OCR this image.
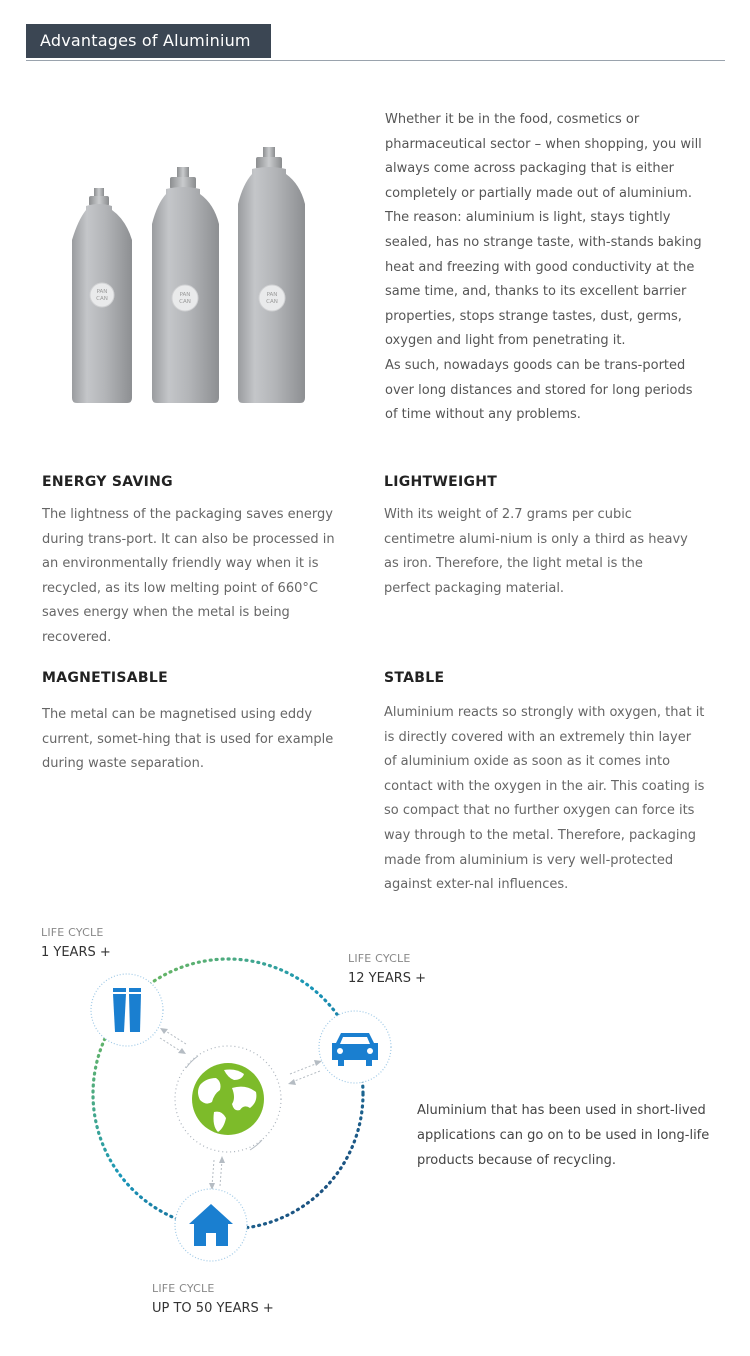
Advantages of Aluminium
PAN
CAN
PAN
CAN
PAN
CAN

Whether it be in the food, cosmetics or pharmaceutical sector – when shopping, you will always come across packaging that is either completely or partially made out of aluminium.

The reason: aluminium is light, stays tightly sealed, has no strange taste, with-stands baking heat and freezing with good conductivity at the same time, and, thanks to its excellent barrier properties, stops strange tastes, dust, germs, oxygen and light from penetrating it.

As such, nowadays goods can be trans-ported over long distances and stored for long periods of time without any problems.

ENERGY SAVING
The lightness of the packaging saves energy during trans-port. It can also be processed in an environmentally friendly way when it is recycled, as its low melting point of 660°C saves energy when the metal is being recovered.
LIGHTWEIGHT
With its weight of 2.7 grams per cubic centimetre alumi-nium is only a third as heavy as iron. Therefore, the light metal is the perfect packaging material.
MAGNETISABLE
The metal can be magnetised using eddy current, somet-hing that is used for example during waste separation.
STABLE
Aluminium reacts so strongly with oxygen, that it is directly covered with an extremely thin layer of aluminium oxide as soon as it comes into contact with the oxygen in the air. This coating is so compact that no further oxygen can force its way through to the metal. Therefore, packaging made from aluminium is very well-protected against exter-nal influences.
LIFE CYCLE
1 YEARS +	LIFE CYCLE
12 YEARS +
LIFE CYCLE
UP TO 50 YEARS +
Aluminium that has been used in short-lived applications can go on to be used in long-life products because of recycling.
